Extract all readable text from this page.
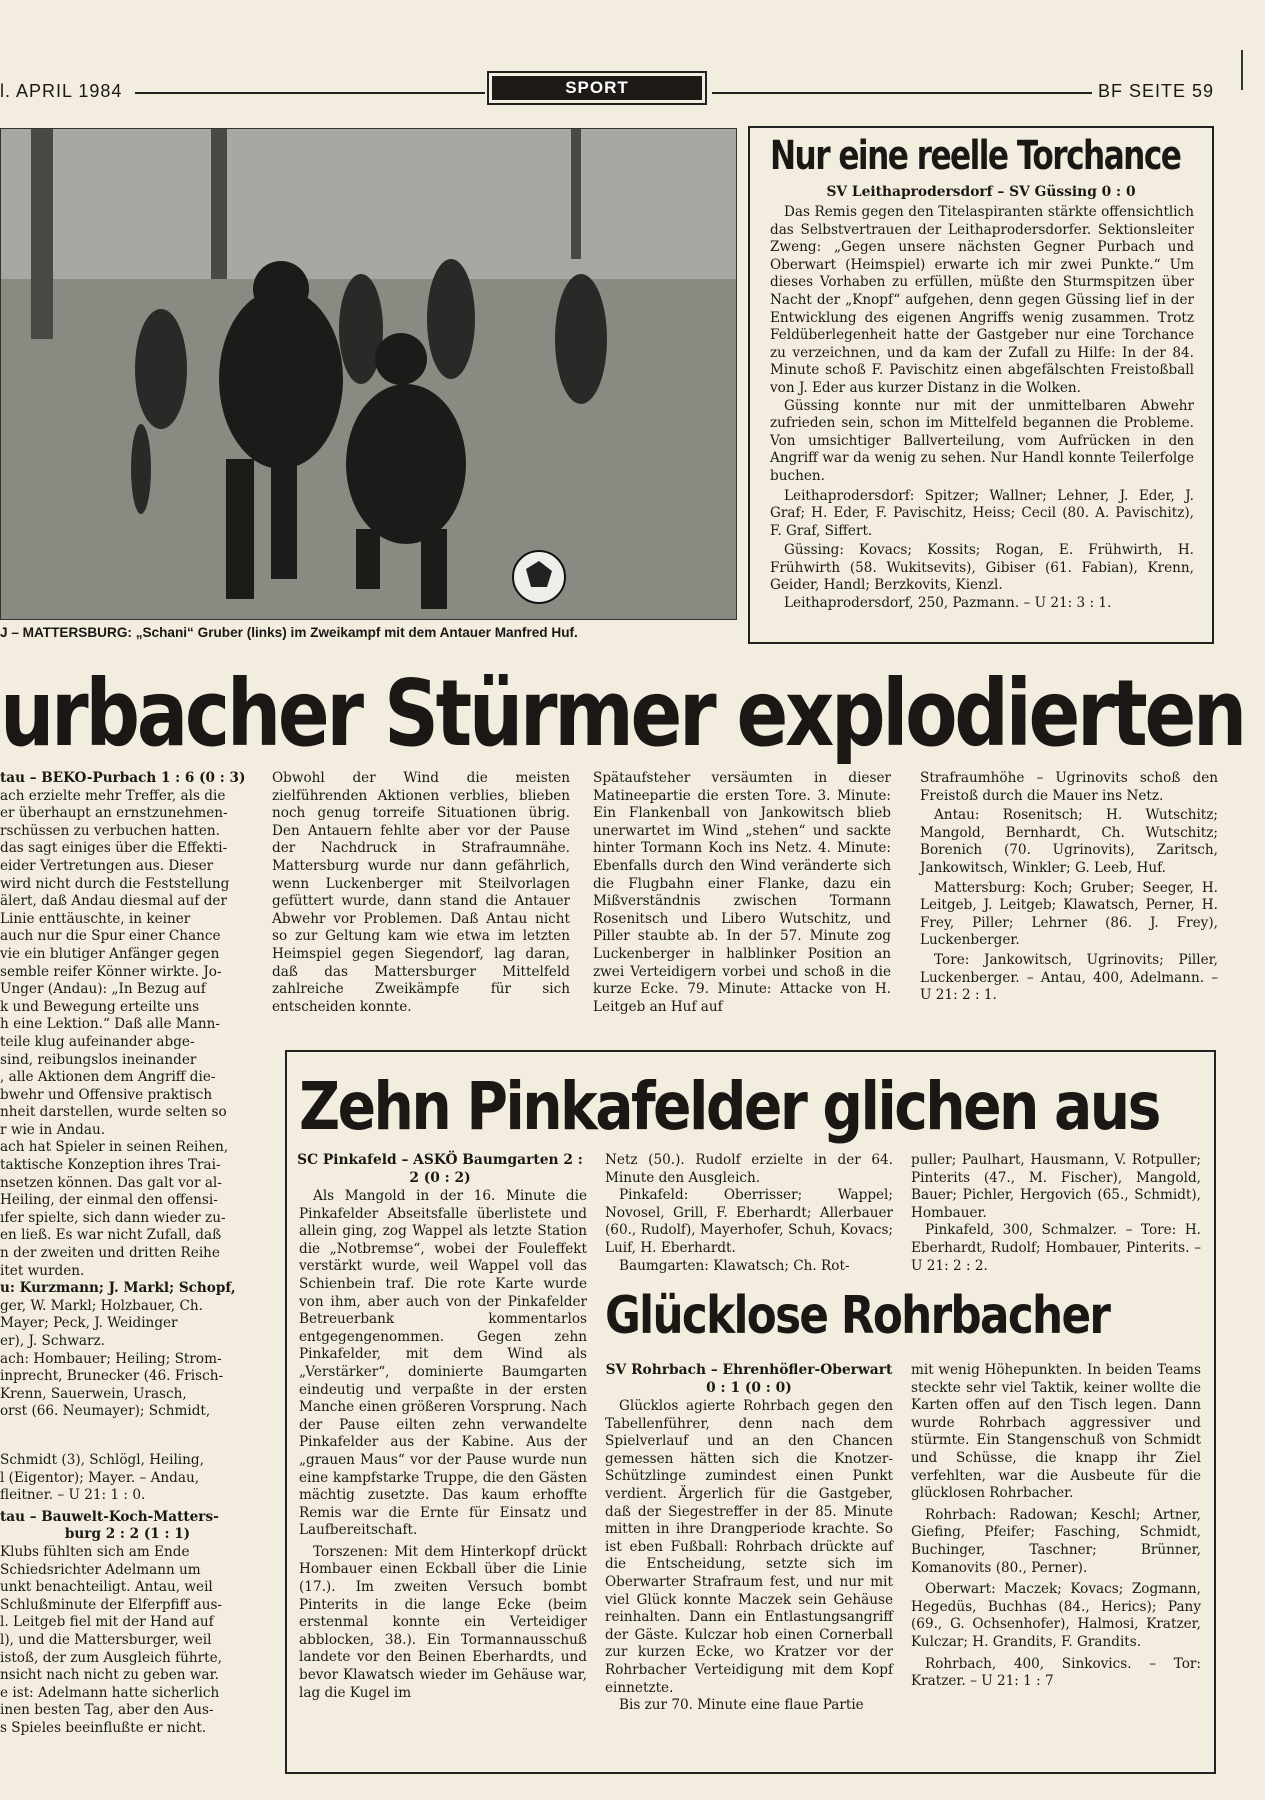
l. APRIL 1984	SPORT	BF SEITE 59
J – MATTERSBURG: „Schani“ Gruber (links) im Zweikampf mit dem Antauer Manfred Huf.
Nur eine reelle Torchance
SV Leithaprodersdorf – SV Güssing 0 : 0

Das Remis gegen den Titelaspiranten stärkte offensichtlich das Selbstvertrauen der Leithaprodersdorfer. Sektionsleiter Zweng: „Gegen unsere nächsten Gegner Purbach und Oberwart (Heimspiel) erwarte ich mir zwei Punkte.“ Um dieses Vorhaben zu erfüllen, müßte den Sturmspitzen über Nacht der „Knopf“ aufgehen, denn gegen Güssing lief in der Entwicklung des eigenen Angriffs wenig zusammen. Trotz Feldüberlegenheit hatte der Gastgeber nur eine Torchance zu verzeichnen, und da kam der Zufall zu Hilfe: In der 84. Minute schoß F. Pavischitz einen abgefälschten Freistoßball von J. Eder aus kurzer Distanz in die Wolken.

Güssing konnte nur mit der unmittelbaren Abwehr zufrieden sein, schon im Mittelfeld begannen die Probleme. Von umsichtiger Ballverteilung, vom Aufrücken in den Angriff war da wenig zu sehen. Nur Handl konnte Teilerfolge buchen.

Leithaprodersdorf: Spitzer; Wallner; Lehner, J. Eder, J. Graf; H. Eder, F. Pavischitz, Heiss; Cecil (80. A. Pavischitz), F. Graf, Siffert.

Güssing: Kovacs; Kossits; Rogan, E. Frühwirth, H. Frühwirth (58. Wukitsevits), Gibiser (61. Fabian), Krenn, Geider, Handl; Berzkovits, Kienzl.

Leithaprodersdorf, 250, Pazmann. – U 21: 3 : 1.

urbacher Stürmer explodierten
tau – BEKO-Purbach 1 : 6 (0 : 3)
ach erzielte mehr Treffer, als die
er überhaupt an ernstzunehmen-
rschüssen zu verbuchen hatten.
das sagt einiges über die Effekti-
eider Vertretungen aus. Dieser
wird nicht durch die Feststellung
älert, daß Andau diesmal auf der
Linie enttäuschte, in keiner
auch nur die Spur einer Chance
vie ein blutiger Anfänger gegen
semble reifer Könner wirkte. Jo-
Unger (Andau): „In Bezug auf
k und Bewegung erteilte uns
h eine Lektion.“ Daß alle Mann-
teile klug aufeinander abge-
sind, reibungslos ineinander
, alle Aktionen dem Angriff die-
bwehr und Offensive praktisch
nheit darstellen, wurde selten so
r wie in Andau.
ach hat Spieler in seinen Reihen,
taktische Konzeption ihres Trai-
nsetzen können. Das galt vor al-
Heiling, der einmal den offensi-
ıfer spielte, sich dann wieder zu-
en ließ. Es war nicht Zufall, daß
n der zweiten und dritten Reihe
itet wurden.
u: Kurzmann; J. Markl; Schopf,
ger, W. Markl; Holzbauer, Ch.
Mayer; Peck, J. Weidinger
er), J. Schwarz.
ach: Hombauer; Heiling; Strom-
inprecht, Brunecker (46. Frisch-
Krenn, Sauerwein, Urasch,
orst (66. Neumayer); Schmidt,

Obwohl der Wind die meisten zielführenden Aktionen verblies, blieben noch genug torreife Situationen übrig. Den Antauern fehlte aber vor der Pause der Nachdruck in Strafraumnähe. Mattersburg wurde nur dann gefährlich, wenn Luckenberger mit Steilvorlagen gefüttert wurde, dann stand die Antauer Abwehr vor Problemen. Daß Antau nicht so zur Geltung kam wie etwa im letzten Heimspiel gegen Siegendorf, lag daran, daß das Mattersburger Mittelfeld zahlreiche Zweikämpfe für sich entscheiden konnte.

Spätaufsteher versäumten in dieser Matineepartie die ersten Tore. 3. Minute: Ein Flankenball von Jankowitsch blieb unerwartet im Wind „stehen“ und sackte hinter Tormann Koch ins Netz. 4. Minute: Ebenfalls durch den Wind veränderte sich die Flugbahn einer Flanke, dazu ein Mißverständnis zwischen Tormann Rosenitsch und Libero Wutschitz, und Piller staubte ab. In der 57. Minute zog Luckenberger in halblinker Position an zwei Verteidigern vorbei und schoß in die kurze Ecke. 79. Minute: Attacke von H. Leitgeb an Huf auf

Strafraumhöhe – Ugrinovits schoß den Freistoß durch die Mauer ins Netz.

Antau: Rosenitsch; H. Wutschitz; Mangold, Bernhardt, Ch. Wutschitz; Borenich (70. Ugrinovits), Zaritsch, Jankowitsch, Winkler; G. Leeb, Huf.

Mattersburg: Koch; Gruber; Seeger, H. Leitgeb, J. Leitgeb; Klawatsch, Perner, H. Frey, Piller; Lehrner (86. J. Frey), Luckenberger.

Tore: Jankowitsch, Ugrinovits; Piller, Luckenberger. – Antau, 400, Adelmann. – U 21: 2 : 1.

Schmidt (3), Schlögl, Heiling,
l (Eigentor); Mayer. – Andau,
fleitner. – U 21: 1 : 0.
tau – Bauwelt-Koch-Matters-
burg 2 : 2 (1 : 1)
Klubs fühlten sich am Ende
Schiedsrichter Adelmann um
unkt benachteiligt. Antau, weil
Schlußminute der Elferpfiff aus-
l. Leitgeb fiel mit der Hand auf
l), und die Mattersburger, weil
istoß, der zum Ausgleich führte,
nsicht nach nicht zu geben war.
e ist: Adelmann hatte sicherlich
inen besten Tag, aber den Aus-
s Spieles beeinflußte er nicht.
Zehn Pinkafelder glichen aus
SC Pinkafeld – ASKÖ Baumgarten 2 : 2 (0 : 2)

Als Mangold in der 16. Minute die Pinkafelder Abseitsfalle überlistete und allein ging, zog Wappel als letzte Station die „Notbremse“, wobei der Fouleffekt verstärkt wurde, weil Wappel voll das Schienbein traf. Die rote Karte wurde von ihm, aber auch von der Pinkafelder Betreuerbank kommentarlos entgegengenommen. Gegen zehn Pinkafelder, mit dem Wind als „Verstärker“, dominierte Baumgarten eindeutig und verpaßte in der ersten Manche einen größeren Vorsprung. Nach der Pause eilten zehn verwandelte Pinkafelder aus der Kabine. Aus der „grauen Maus“ vor der Pause wurde nun eine kampfstarke Truppe, die den Gästen mächtig zusetzte. Das kaum erhoffte Remis war die Ernte für Einsatz und Laufbereitschaft.

Torszenen: Mit dem Hinterkopf drückt Hombauer einen Eckball über die Linie (17.). Im zweiten Versuch bombt Pinterits in die lange Ecke (beim erstenmal konnte ein Verteidiger abblocken, 38.). Ein Tormannausschuß landete vor den Beinen Eberhardts, und bevor Klawatsch wieder im Gehäuse war, lag die Kugel im

Netz (50.). Rudolf erzielte in der 64. Minute den Ausgleich.

Pinkafeld: Oberrisser; Wappel; Novosel, Grill, F. Eberhardt; Allerbauer (60., Rudolf), Mayerhofer, Schuh, Kovacs; Luif, H. Eberhardt.

Baumgarten: Klawatsch; Ch. Rot-

puller; Paulhart, Hausmann, V. Rotpuller; Pinterits (47., M. Fischer), Mangold, Bauer; Pichler, Hergovich (65., Schmidt), Hombauer.

Pinkafeld, 300, Schmalzer. – Tore: H. Eberhardt, Rudolf; Hombauer, Pinterits. – U 21: 2 : 2.

Glücklose Rohrbacher
SV Rohrbach – Ehrenhöfler-Oberwart 0 : 1 (0 : 0)

Glücklos agierte Rohrbach gegen den Tabellenführer, denn nach dem Spielverlauf und an den Chancen gemessen hätten sich die Knotzer-Schützlinge zumindest einen Punkt verdient. Ärgerlich für die Gastgeber, daß der Siegestreffer in der 85. Minute mitten in ihre Drangperiode krachte. So ist eben Fußball: Rohrbach drückte auf die Entscheidung, setzte sich im Oberwarter Strafraum fest, und nur mit viel Glück konnte Maczek sein Gehäuse reinhalten. Dann ein Entlastungsangriff der Gäste. Kulczar hob einen Cornerball zur kurzen Ecke, wo Kratzer vor der Rohrbacher Verteidigung mit dem Kopf einnetzte.

Bis zur 70. Minute eine flaue Partie

mit wenig Höhepunkten. In beiden Teams steckte sehr viel Taktik, keiner wollte die Karten offen auf den Tisch legen. Dann wurde Rohrbach aggressiver und stürmte. Ein Stangenschuß von Schmidt und Schüsse, die knapp ihr Ziel verfehlten, war die Ausbeute für die glücklosen Rohrbacher.

Rohrbach: Radowan; Keschl; Artner, Giefing, Pfeifer; Fasching, Schmidt, Buchinger, Taschner; Brünner, Komanovits (80., Perner).

Oberwart: Maczek; Kovacs; Zogmann, Hegedüs, Buchhas (84., Herics); Pany (69., G. Ochsenhofer), Halmosi, Kratzer, Kulczar; H. Grandits, F. Grandits.

Rohrbach, 400, Sinkovics. – Tor: Kratzer. – U 21: 1 : 7
